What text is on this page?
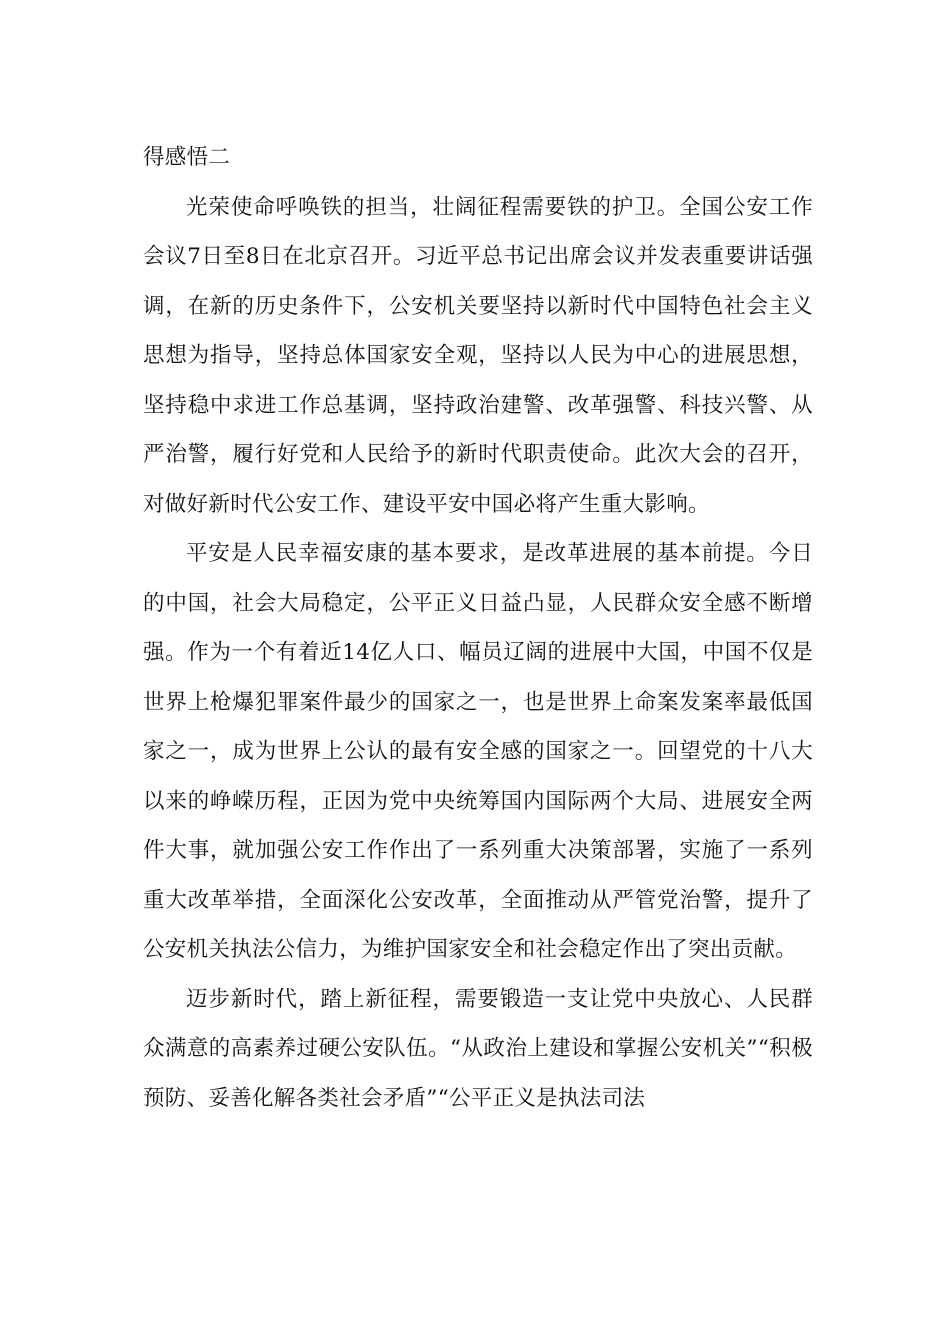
得感悟二

光荣使命呼唤铁的担当，壮阔征程需要铁的护卫。全国公安工作会议7日至8日在北京召开。习近平总书记出席会议并发表重要讲话强调，在新的历史条件下，公安机关要坚持以新时代中国特色社会主义思想为指导，坚持总体国家安全观，坚持以人民为中心的进展思想，坚持稳中求进工作总基调，坚持政治建警、改革强警、科技兴警、从严治警，履行好党和人民给予的新时代职责使命。此次大会的召开，对做好新时代公安工作、建设平安中国必将产生重大影响。

平安是人民幸福安康的基本要求，是改革进展的基本前提。今日的中国，社会大局稳定，公平正义日益凸显，人民群众安全感不断增强。作为一个有着近14亿人口、幅员辽阔的进展中大国，中国不仅是世界上枪爆犯罪案件最少的国家之一，也是世界上命案发案率最低国家之一，成为世界上公认的最有安全感的国家之一。回望党的十八大以来的峥嵘历程，正因为党中央统筹国内国际两个大局、进展安全两件大事，就加强公安工作作出了一系列重大决策部署，实施了一系列重大改革举措，全面深化公安改革，全面推动从严管党治警，提升了公安机关执法公信力，为维护国家安全和社会稳定作出了突出贡献。

迈步新时代，踏上新征程，需要锻造一支让党中央放心、人民群众满意的高素养过硬公安队伍。“从政治上建设和掌握公安机关”“积极预防、妥善化解各类社会矛盾”“公平正义是执法司法
